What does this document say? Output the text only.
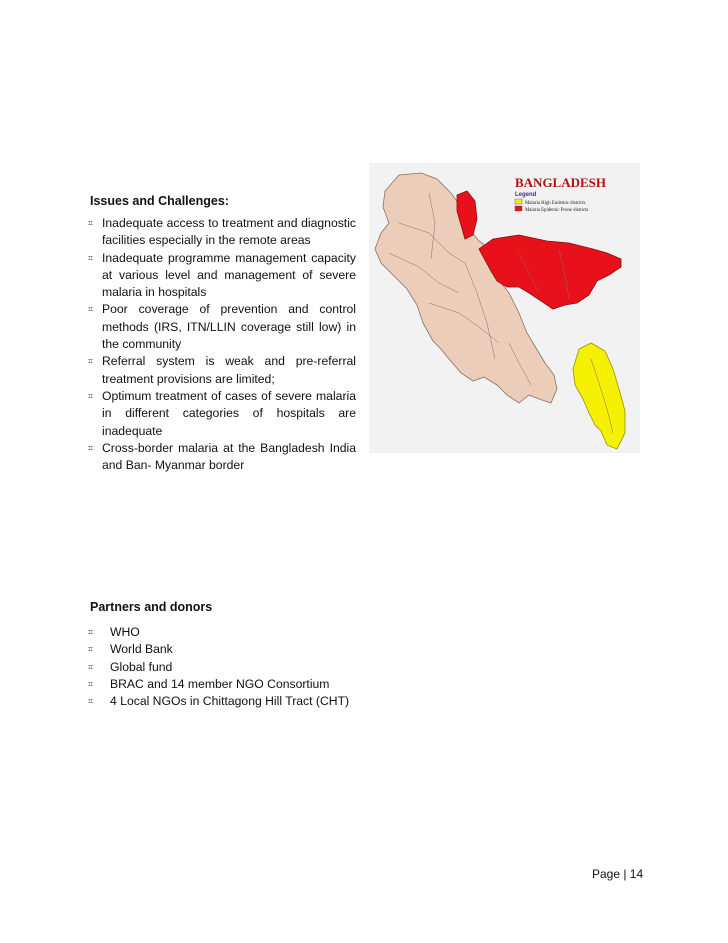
Issues and Challenges:

⌗ Inadequate access to treatment and diagnostic facilities especially in the remote areas
⌗ Inadequate programme management capacity at various level and management of severe malaria in hospitals
⌗ Poor coverage of prevention and control methods (IRS, ITN/LLIN coverage still low) in the community
⌗ Referral system is weak and pre-referral treatment provisions are limited;
⌗ Optimum treatment of cases of severe malaria in different categories of hospitals are inadequate
⌗ Cross-border malaria at the Bangladesh India and Ban- Myanmar border

Partners and donors

⌗ WHO
⌗ World Bank
⌗ Global fund
⌗ BRAC and 14 member NGO Consortium
⌗ 4 Local NGOs in Chittagong Hill Tract (CHT)
BANGLADESH
Legend
Malaria High Endemic districts
Malaria Epidemic Prone districts
Page | 14
